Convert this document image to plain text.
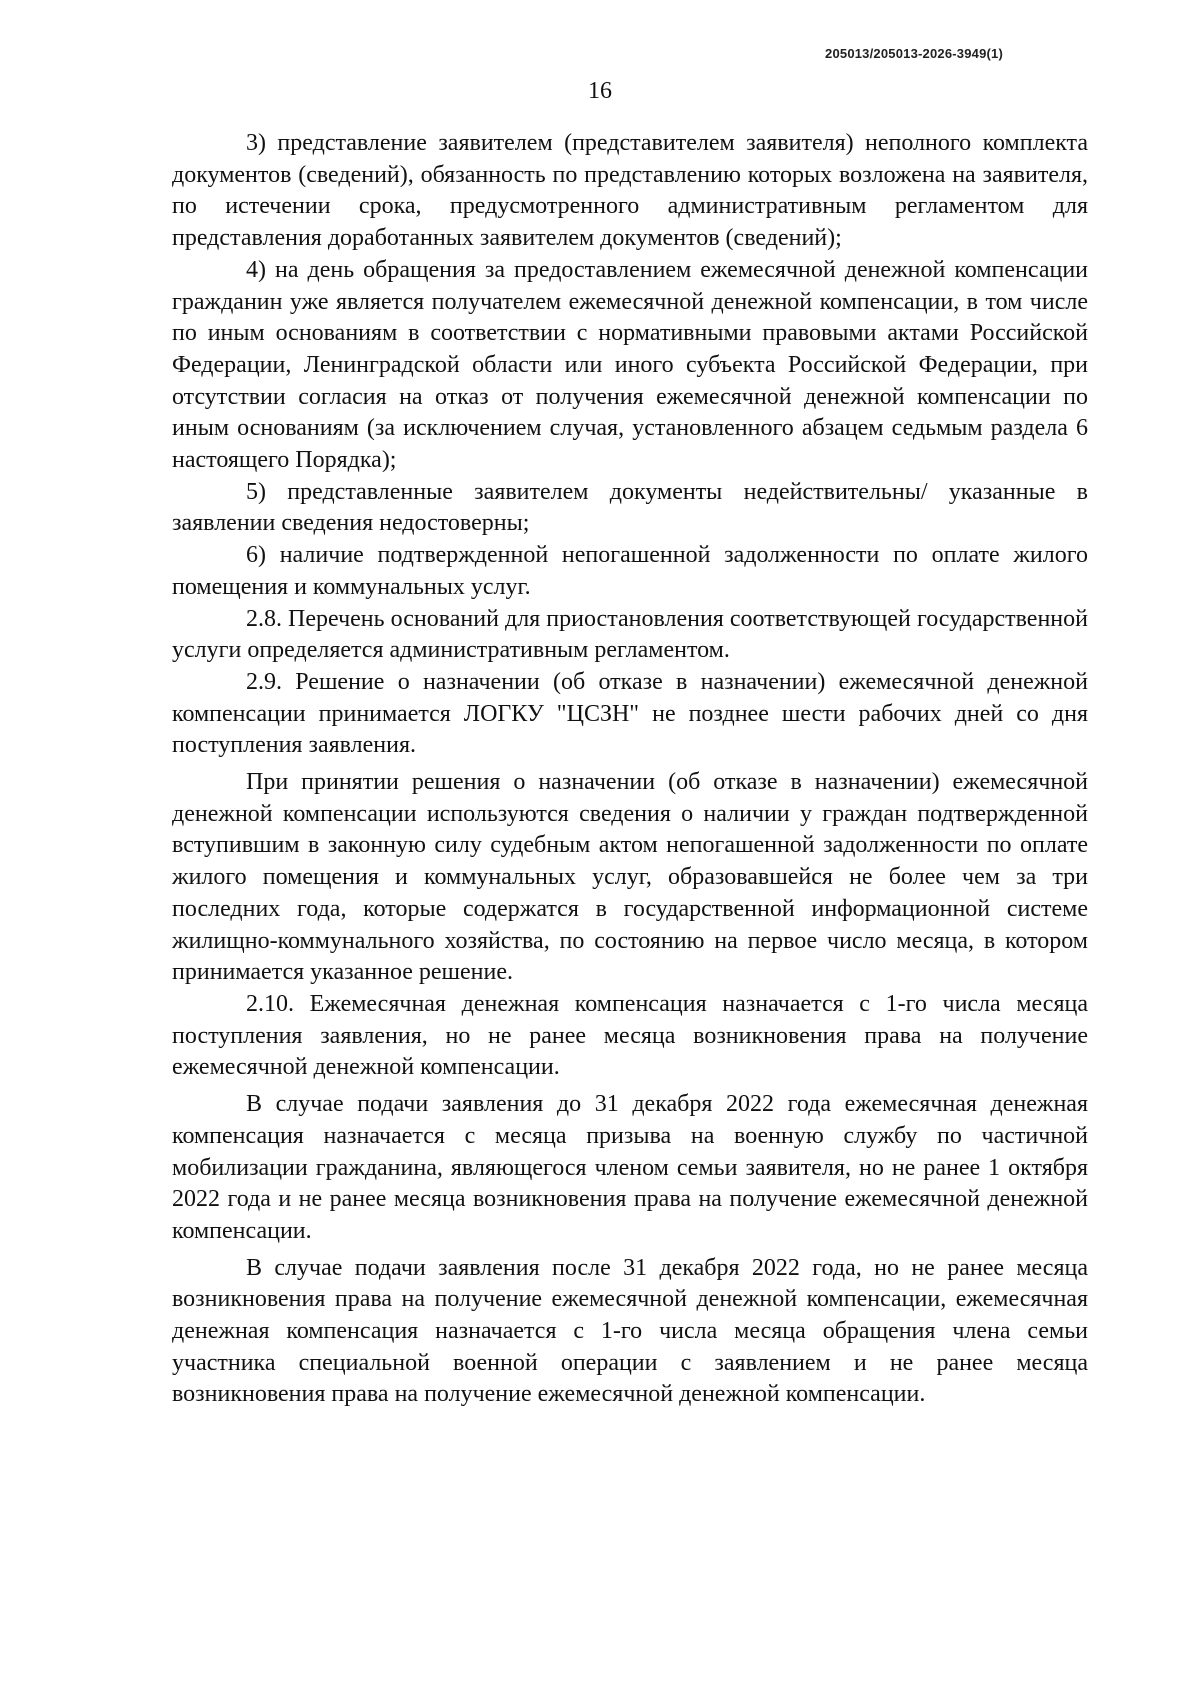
205013/205013-2026-3949(1)
16

3) представление заявителем (представителем заявителя) неполного комплекта документов (сведений), обязанность по представлению которых возложена на заявителя, по истечении срока, предусмотренного административным регламентом для представления доработанных заявителем документов (сведений);

4) на день обращения за предоставлением ежемесячной денежной компенсации гражданин уже является получателем ежемесячной денежной компенсации, в том числе по иным основаниям в соответствии с нормативными правовыми актами Российской Федерации, Ленинградской области или иного субъекта Российской Федерации, при отсутствии согласия на отказ от получения ежемесячной денежной компенсации по иным основаниям (за исключением случая, установленного абзацем седьмым раздела 6 настоящего Порядка);

5) представленные заявителем документы недействительны/ указанные в заявлении сведения недостоверны;

6) наличие подтвержденной непогашенной задолженности по оплате жилого помещения и коммунальных услуг.

2.8. Перечень оснований для приостановления соответствующей государственной услуги определяется административным регламентом.

2.9. Решение о назначении (об отказе в назначении) ежемесячной денежной компенсации принимается ЛОГКУ "ЦСЗН" не позднее шести рабочих дней со дня поступления заявления.

При принятии решения о назначении (об отказе в назначении) ежемесячной денежной компенсации используются сведения о наличии у граждан подтвержденной вступившим в законную силу судебным актом непогашенной задолженности по оплате жилого помещения и коммунальных услуг, образовавшейся не более чем за три последних года, которые содержатся в государственной информационной системе жилищно-коммунального хозяйства, по состоянию на первое число месяца, в котором принимается указанное решение.

2.10. Ежемесячная денежная компенсация назначается с 1-го числа месяца поступления заявления, но не ранее месяца возникновения права на получение ежемесячной денежной компенсации.

В случае подачи заявления до 31 декабря 2022 года ежемесячная денежная компенсация назначается с месяца призыва на военную службу по частичной мобилизации гражданина, являющегося членом семьи заявителя, но не ранее 1 октября 2022 года и не ранее месяца возникновения права на получение ежемесячной денежной компенсации.

В случае подачи заявления после 31 декабря 2022 года, но не ранее месяца возникновения права на получение ежемесячной денежной компенсации, ежемесячная денежная компенсация назначается с 1-го числа месяца обращения члена семьи участника специальной военной операции с заявлением и не ранее месяца возникновения права на получение ежемесячной денежной компенсации.
